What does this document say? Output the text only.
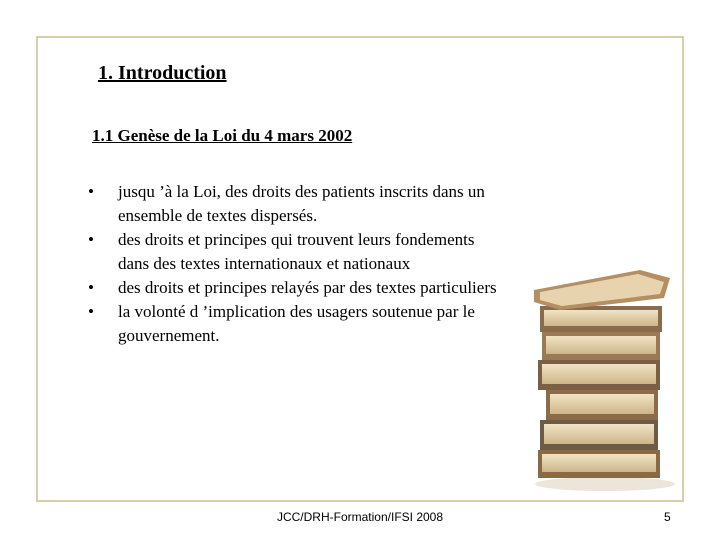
1. Introduction
1.1 Genèse de la Loi du 4 mars 2002
•	jusqu ’à la Loi, des droits des patients inscrits dans un ensemble de textes dispersés.
•	des droits et principes qui trouvent leurs fondements dans des textes internationaux et nationaux
•	des droits et principes relayés par des textes particuliers
•	la volonté d ’implication des usagers soutenue par le gouvernement.
JCC/DRH-Formation/IFSI 2008	5
